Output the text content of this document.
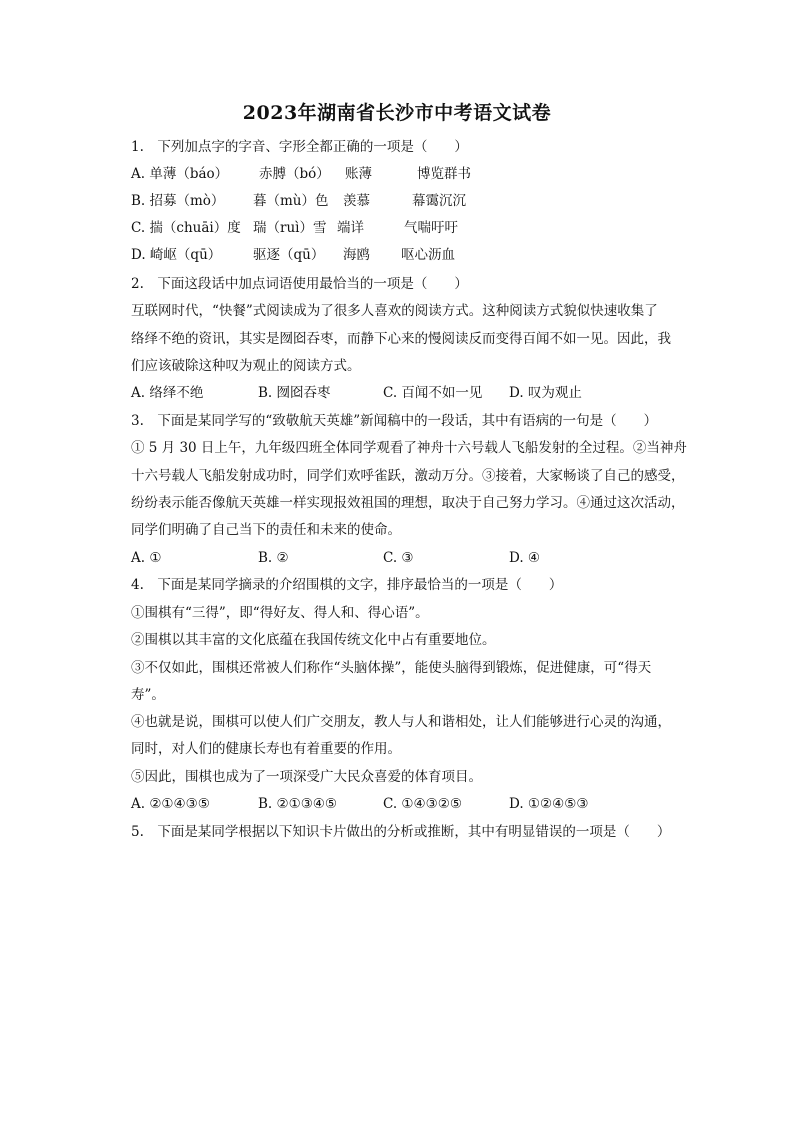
2023年湖南省长沙市中考语文试卷
1.　下列加点字的字音、字形全都正确的一项是（　　）
A. 单薄（báo） 赤膊（bó） 账薄	博览群书
B. 招募（mò） 暮（mù）色 羡慕	幕霭沉沉
C. 揣（chuāi）度 瑞（ruì）雪 端详	气喘吁吁
D. 崎岖（qū） 驱逐（qū） 海鸥 呕心沥血
2.　下面这段话中加点词语使用最恰当的一项是（　　）
互联网时代，“快餐”式阅读成为了很多人喜欢的阅读方式。这种阅读方式貌似快速收集了
络绎不绝的资讯，其实是囫囵吞枣，而静下心来的慢阅读反而变得百闻不如一见。因此，我
们应该破除这种叹为观止的阅读方式。
A. 络绎不绝	B. 囫囵吞枣	C. 百闻不如一见 D. 叹为观止
3.　下面是某同学写的“致敬航天英雄”新闻稿中的一段话，其中有语病的一句是（　　）
① 5 月 30 日上午，九年级四班全体同学观看了神舟十六号载人飞船发射的全过程。②当神舟
十六号载人飞船发射成功时，同学们欢呼雀跃，激动万分。③接着，大家畅谈了自己的感受，
纷纷表示能否像航天英雄一样实现报效祖国的理想，取决于自己努力学习。④通过这次活动，
同学们明确了自己当下的责任和未来的使命。
A. ①	B. ②	C. ③	D. ④
4.　下面是某同学摘录的介绍围棋的文字，排序最恰当的一项是（　　）
①围棋有“三得”，即“得好友、得人和、得心语”。
②围棋以其丰富的文化底蕴在我国传统文化中占有重要地位。
③不仅如此，围棋还常被人们称作“头脑体操”，能使头脑得到锻炼，促进健康，可“得天
寿”。
④也就是说，围棋可以使人们广交朋友，教人与人和谐相处，让人们能够进行心灵的沟通，
同时，对人们的健康长寿也有着重要的作用。
⑤因此，围棋也成为了一项深受广大民众喜爱的体育项目。
A. ②①④③⑤	B. ②①③④⑤	C. ①④③②⑤	D. ①②④⑤③
5.　下面是某同学根据以下知识卡片做出的分析或推断，其中有明显错误的一项是（　　）
